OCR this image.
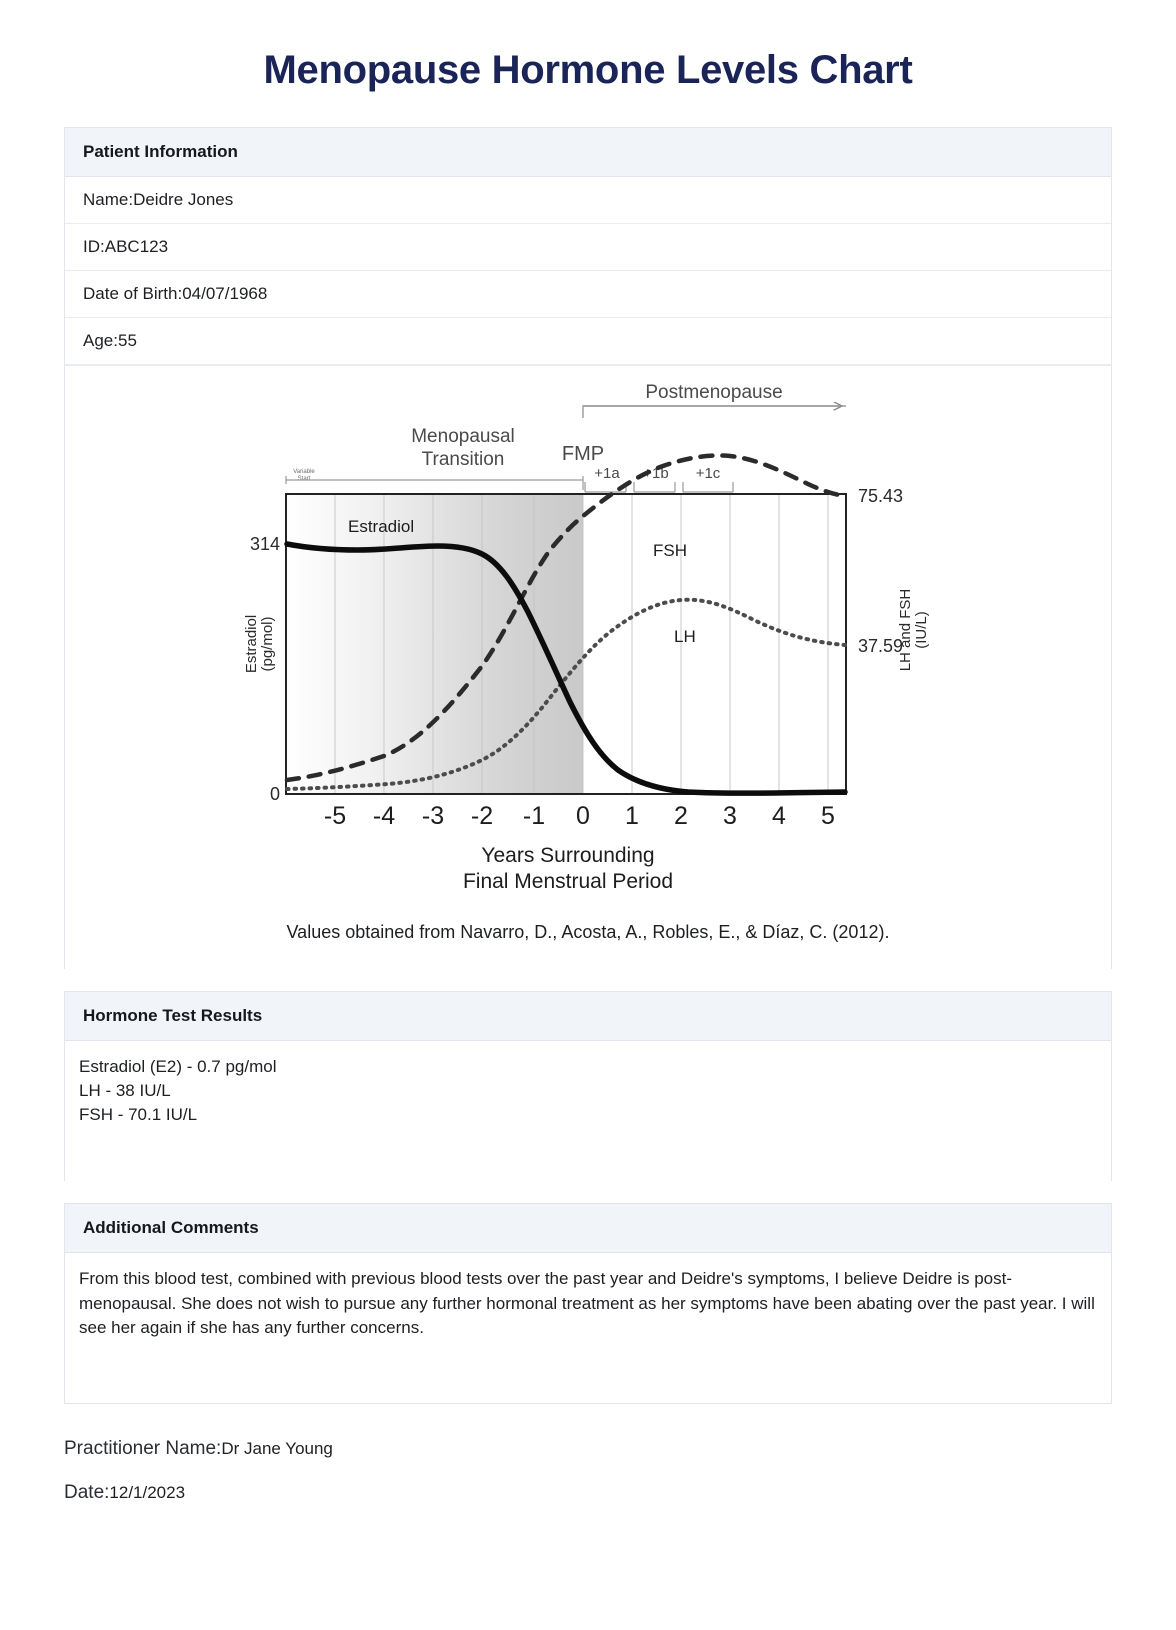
Menopause Hormone Levels Chart
Patient Information
Name:Deidre Jones
ID:ABC123
Date of Birth:04/07/1968
Age:55
Postmenopause
Menopausal
Transition	FMP
Variable
Start	+1a +1b +1c
FSH
LH
Estradiol
314
0
75.43
37.59
Estradiol (pg/mol)	LH and FSH (IU/L)
-5 -4 -3 -2 -1 0 1 2 3 4 5
Years Surrounding
Final Menstrual Period
Values obtained from Navarro, D., Acosta, A., Robles, E., & Díaz, C. (2012).
Hormone Test Results
Estradiol (E2) - 0.7 pg/mol
LH - 38 IU/L
FSH - 70.1 IU/L
Additional Comments
From this blood test, combined with previous blood tests over the past year and Deidre's symptoms, I believe Deidre is post-menopausal. She does not wish to pursue any further hormonal treatment as her symptoms have been abating over the past year. I will see her again if she has any further concerns.
Practitioner Name:Dr Jane Young
Date:12/1/2023
